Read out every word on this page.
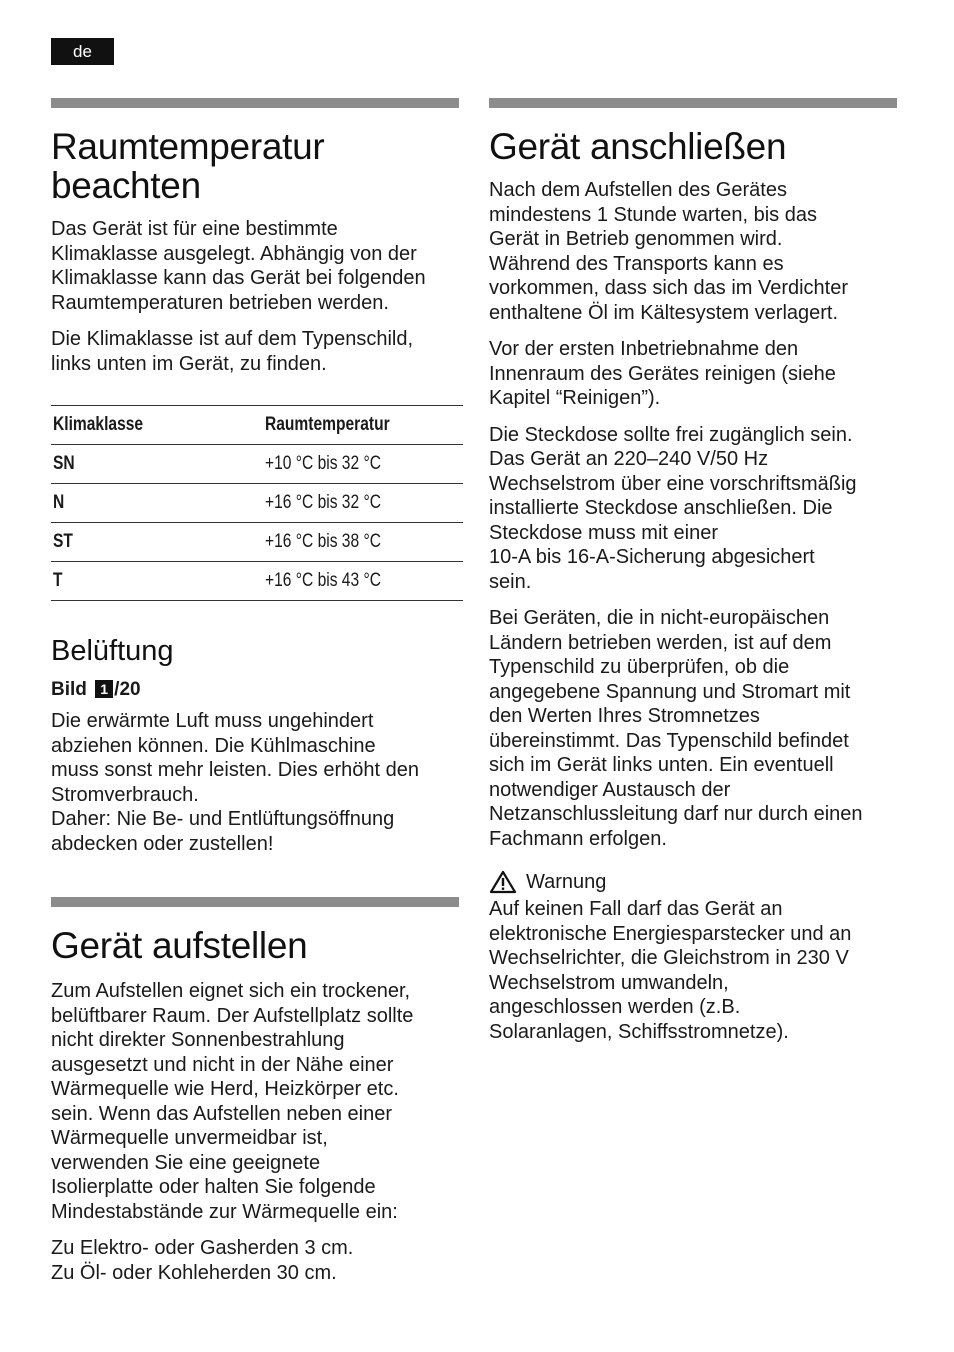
de
Raumtemperatur
beachten

Das Gerät ist für eine bestimmte
Klimaklasse ausgelegt. Abhängig von der
Klimaklasse kann das Gerät bei folgenden
Raumtemperaturen betrieben werden.

Die Klimaklasse ist auf dem Typenschild,
links unten im Gerät, zu finden.

Klimaklasse	Raumtemperatur
SN	+10 °C bis 32 °C
N	+16 °C bis 32 °C
ST	+16 °C bis 38 °C
T	+16 °C bis 43 °C
Belüftung
Bild 1 /20

Die erwärmte Luft muss ungehindert
abziehen können. Die Kühlmaschine
muss sonst mehr leisten. Dies erhöht den
Stromverbrauch.
Daher: Nie Be- und Entlüftungsöffnung
abdecken oder zustellen!

Gerät aufstellen

Zum Aufstellen eignet sich ein trockener,
belüftbarer Raum. Der Aufstellplatz sollte
nicht direkter Sonnenbestrahlung
ausgesetzt und nicht in der Nähe einer
Wärmequelle wie Herd, Heizkörper etc.
sein. Wenn das Aufstellen neben einer
Wärmequelle unvermeidbar ist,
verwenden Sie eine geeignete
Isolierplatte oder halten Sie folgende
Mindestabstände zur Wärmequelle ein:

Zu Elektro- oder Gasherden 3 cm.
Zu Öl- oder Kohleherden 30 cm.

Gerät anschließen

Nach dem Aufstellen des Gerätes
mindestens 1 Stunde warten, bis das
Gerät in Betrieb genommen wird.
Während des Transports kann es
vorkommen, dass sich das im Verdichter
enthaltene Öl im Kältesystem verlagert.

Vor der ersten Inbetriebnahme den
Innenraum des Gerätes reinigen (siehe
Kapitel “Reinigen”).

Die Steckdose sollte frei zugänglich sein.
Das Gerät an 220–240 V/50 Hz
Wechselstrom über eine vorschriftsmäßig
installierte Steckdose anschließen. Die
Steckdose muss mit einer
10-A bis 16-A-Sicherung abgesichert
sein.

Bei Geräten, die in nicht-europäischen
Ländern betrieben werden, ist auf dem
Typenschild zu überprüfen, ob die
angegebene Spannung und Stromart mit
den Werten Ihres Stromnetzes
übereinstimmt. Das Typenschild befindet
sich im Gerät links unten. Ein eventuell
notwendiger Austausch der
Netzanschlussleitung darf nur durch einen
Fachmann erfolgen.

Warnung

Auf keinen Fall darf das Gerät an
elektronische Energiesparstecker und an
Wechselrichter, die Gleichstrom in 230 V
Wechselstrom umwandeln,
angeschlossen werden (z.B.
Solaranlagen, Schiffsstromnetze).
